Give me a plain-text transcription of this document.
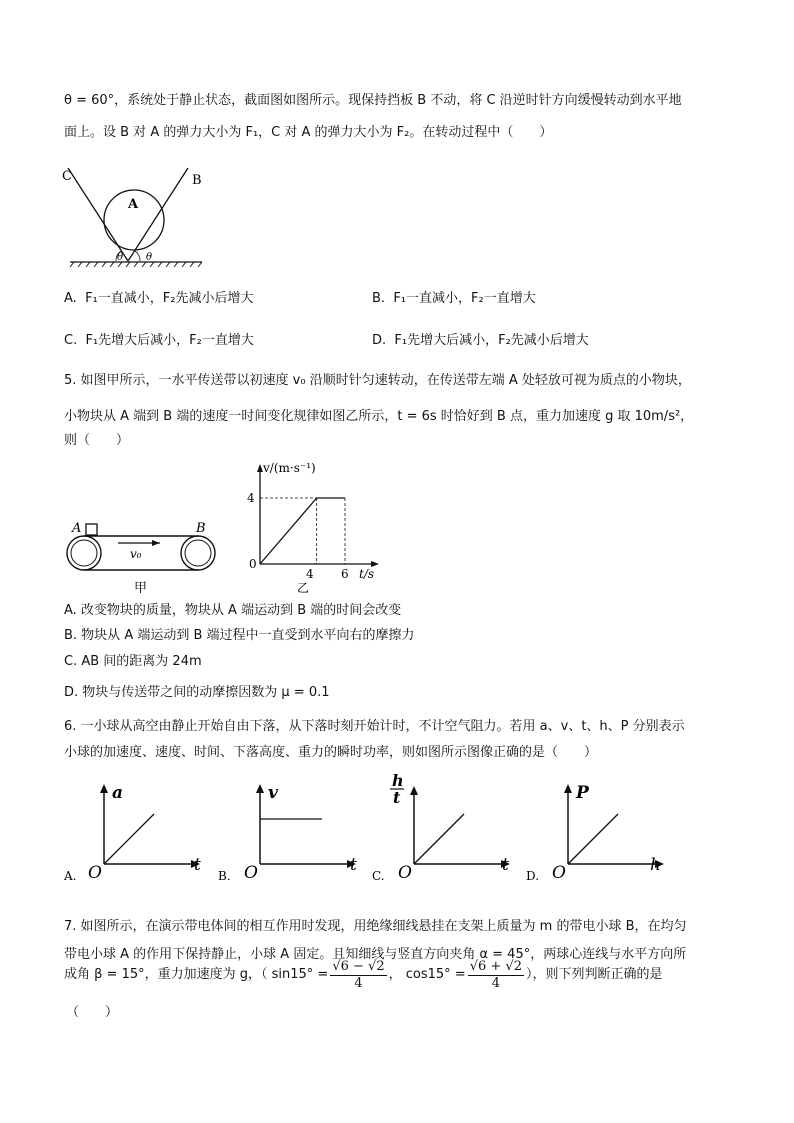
θ = 60°，系统处于静止状态，截面图如图所示。现保持挡板 B 不动，将 C 沿逆时针方向缓慢转动到水平地
面上。设 B 对 A 的弹力大小为 F₁，C 对 A 的弹力大小为 F₂。在转动过程中（　　）
C	B
A
θ θ
A. F₁一直减小，F₂先减小后增大	B. F₁一直减小，F₂一直增大
C. F₁先增大后减小，F₂一直增大	D. F₁先增大后减小，F₂先减小后增大
5. 如图甲所示，一水平传送带以初速度 v₀ 沿顺时针匀速转动，在传送带左端 A 处轻放可视为质点的小物块，
小物块从 A 端到 B 端的速度一时间变化规律如图乙所示，t = 6s 时恰好到 B 点，重力加速度 g 取 10m/s²，
则（　　）
A	B
v₀
甲
v/(m·s⁻¹)
4
0
4 6 t/s
乙
A. 改变物块的质量，物块从 A 端运动到 B 端的时间会改变
B. 物块从 A 端运动到 B 端过程中一直受到水平向右的摩擦力
C. AB 间的距离为 24m
D. 物块与传送带之间的动摩擦因数为 μ = 0.1
6. 一小球从高空由静止开始自由下落，从下落时刻开始计时，不计空气阻力。若用 a、v、t、h、P 分别表示
小球的加速度、速度、时间、下落高度、重力的瞬时功率，则如图所示图像正确的是（　　）
a
O	t
A.
v
O	t
B.
h
t
O	t
C.
P
O	h
D.
7. 如图所示，在演示带电体间的相互作用时发现，用绝缘细线悬挂在支架上质量为 m 的带电小球 B，在均匀
带电小球 A 的作用下保持静止，小球 A 固定。且知细线与竖直方向夹角 α = 45°，两球心连线与水平方向所
成角 β = 15°，重力加速度为 g，（ $\sin 15^\circ = \frac{√6 - √2}{4}$ ， $\cos 15^\circ = \frac{√6 + √2}{4}$ ），则下列判断正确的是
（　　）
